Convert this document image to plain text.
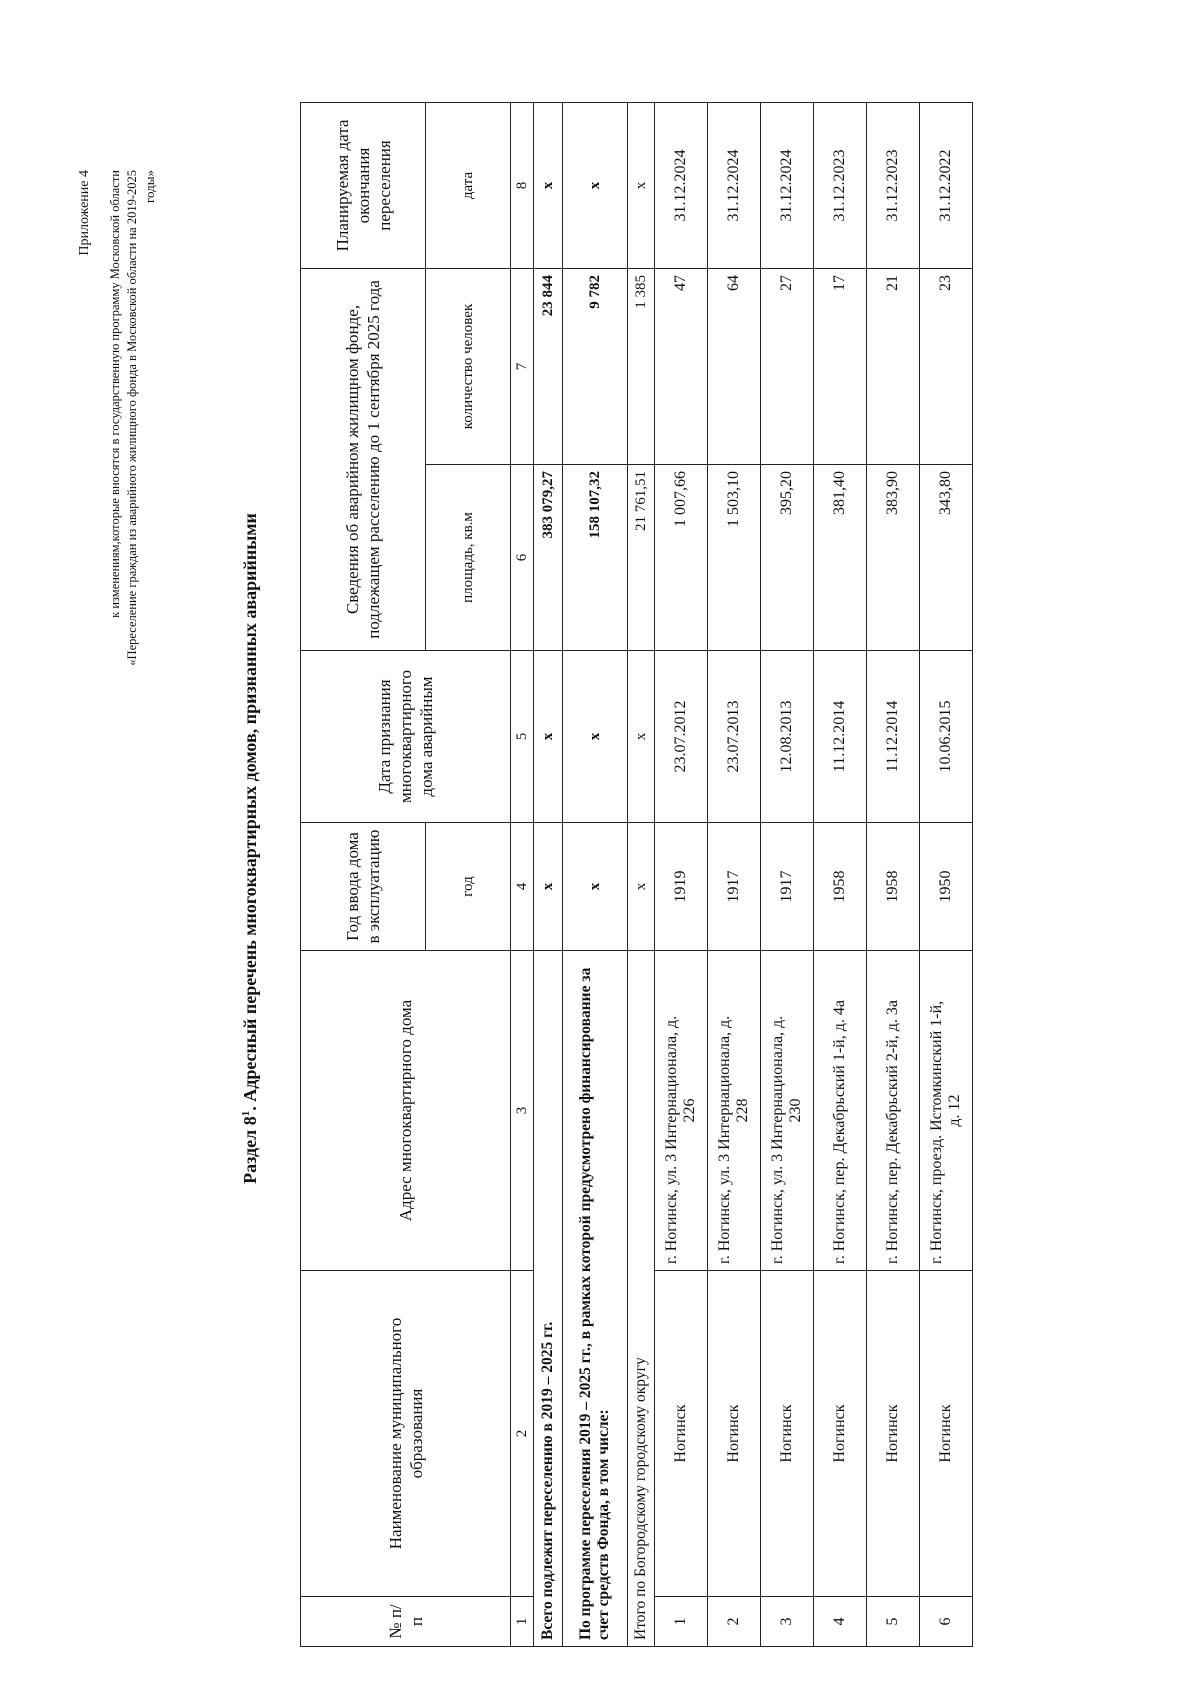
Приложение 4 к изменениям,которые вносятся в государственную программу Московской области «Переселение граждан из аварийного жилищного фонда в Московской области на 2019-2025 годы»
Раздел $8^1$. Адресный перечень многоквартирных домов, признанных аварийными
№ п/п	Наименование муниципального образования	Адрес многоквартирного дома	Год ввода дома в эксплуатацию	Дата признания многоквартирного дома аварийным	Сведения об аварийном жилищном фонде, подлежащем расселению до 1 сентября 2025 года		Планируемая дата окончания переселения
			год		площадь, кв.м	количество человек	дата
1	2	3	4	5	6	7	8
Всего подлежит переселению в 2019 – 2025 гг.			х	х	383 079,27	23 844	х
По программе переселения 2019 – 2025 гг., в рамках которой предусмотрено финансирование за счет средств Фонда, в том числе:			х	х	158 107,32	9 782	х
Итого по Богородскому городскому округу			х	х	21 761,51	1 385	х
1	Ногинск	г. Ногинск, ул. 3 Интернационала, д. 226	1919	23.07.2012	1 007,66	47	31.12.2024
2	Ногинск	г. Ногинск, ул. 3 Интернационала, д. 228	1917	23.07.2013	1 503,10	64	31.12.2024
3	Ногинск	г. Ногинск, ул. 3 Интернационала, д. 230	1917	12.08.2013	395,20	27	31.12.2024
4	Ногинск	г. Ногинск, пер. Декабрьский 1-й, д. 4а	1958	11.12.2014	381,40	17	31.12.2023
5	Ногинск	г. Ногинск, пер. Декабрьский 2-й, д. 3а	1958	11.12.2014	383,90	21	31.12.2023
6	Ногинск	г. Ногинск, проезд. Истомкинский 1-й, д. 12	1950	10.06.2015	343,80	23	31.12.2022
